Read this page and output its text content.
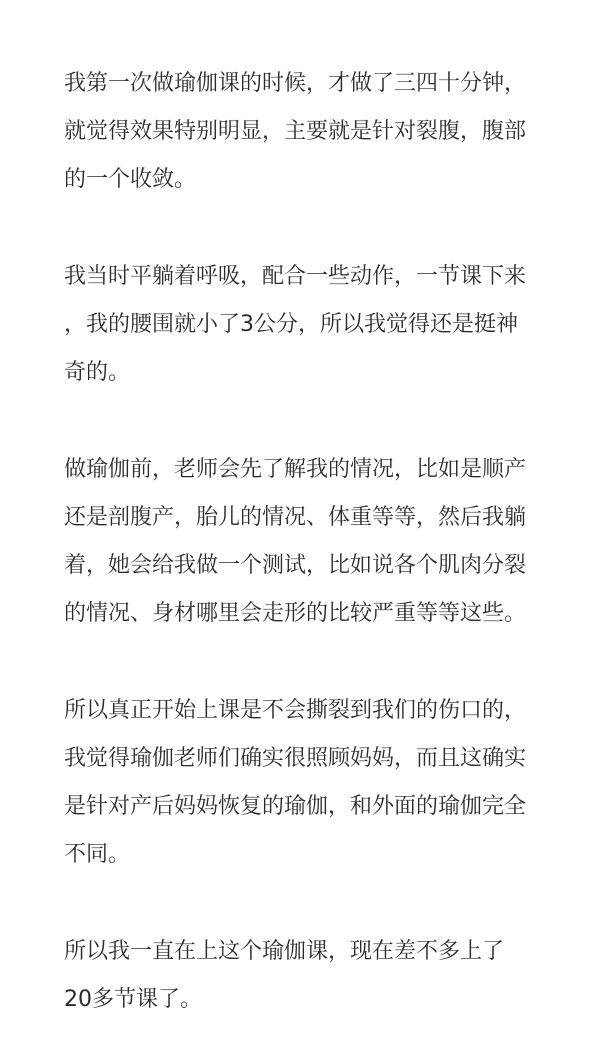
我第一次做瑜伽课的时候，才做了三四十分钟，
就觉得效果特别明显，主要就是针对裂腹，腹部
的一个收敛。

我当时平躺着呼吸，配合一些动作，一节课下来
，我的腰围就小了3公分，所以我觉得还是挺神
奇的。

做瑜伽前，老师会先了解我的情况，比如是顺产
还是剖腹产，胎儿的情况、体重等等，然后我躺
着，她会给我做一个测试，比如说各个肌肉分裂
的情况、身材哪里会走形的比较严重等等这些。

所以真正开始上课是不会撕裂到我们的伤口的，
我觉得瑜伽老师们确实很照顾妈妈，而且这确实
是针对产后妈妈恢复的瑜伽，和外面的瑜伽完全
不同。

所以我一直在上这个瑜伽课，现在差不多上了
20多节课了。
